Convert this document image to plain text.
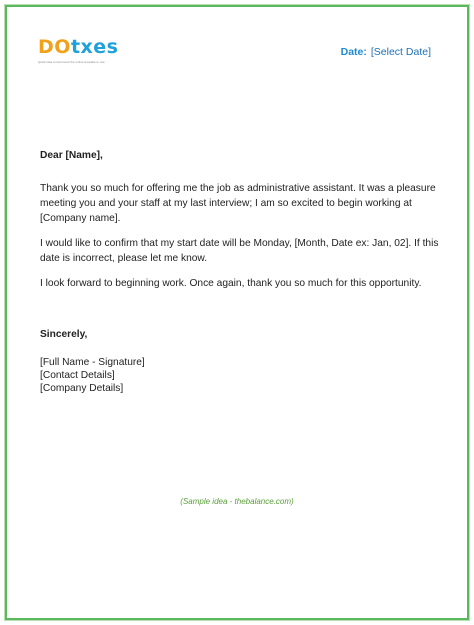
DOtxes
Quick idea to document the online template to use
Date: [Select Date]
Dear [Name],

Thank you so much for offering me the job as administrative assistant. It was a pleasure meeting you and your staff at my last interview; I am so excited to begin working at [Company name].

I would like to confirm that my start date will be Monday, [Month, Date ex: Jan, 02]. If this date is incorrect, please let me know.

I look forward to beginning work. Once again, thank you so much for this opportunity.

Sincerely,
[Full Name - Signature]
[Contact Details]
[Company Details]
(Sample idea - thebalance.com)
